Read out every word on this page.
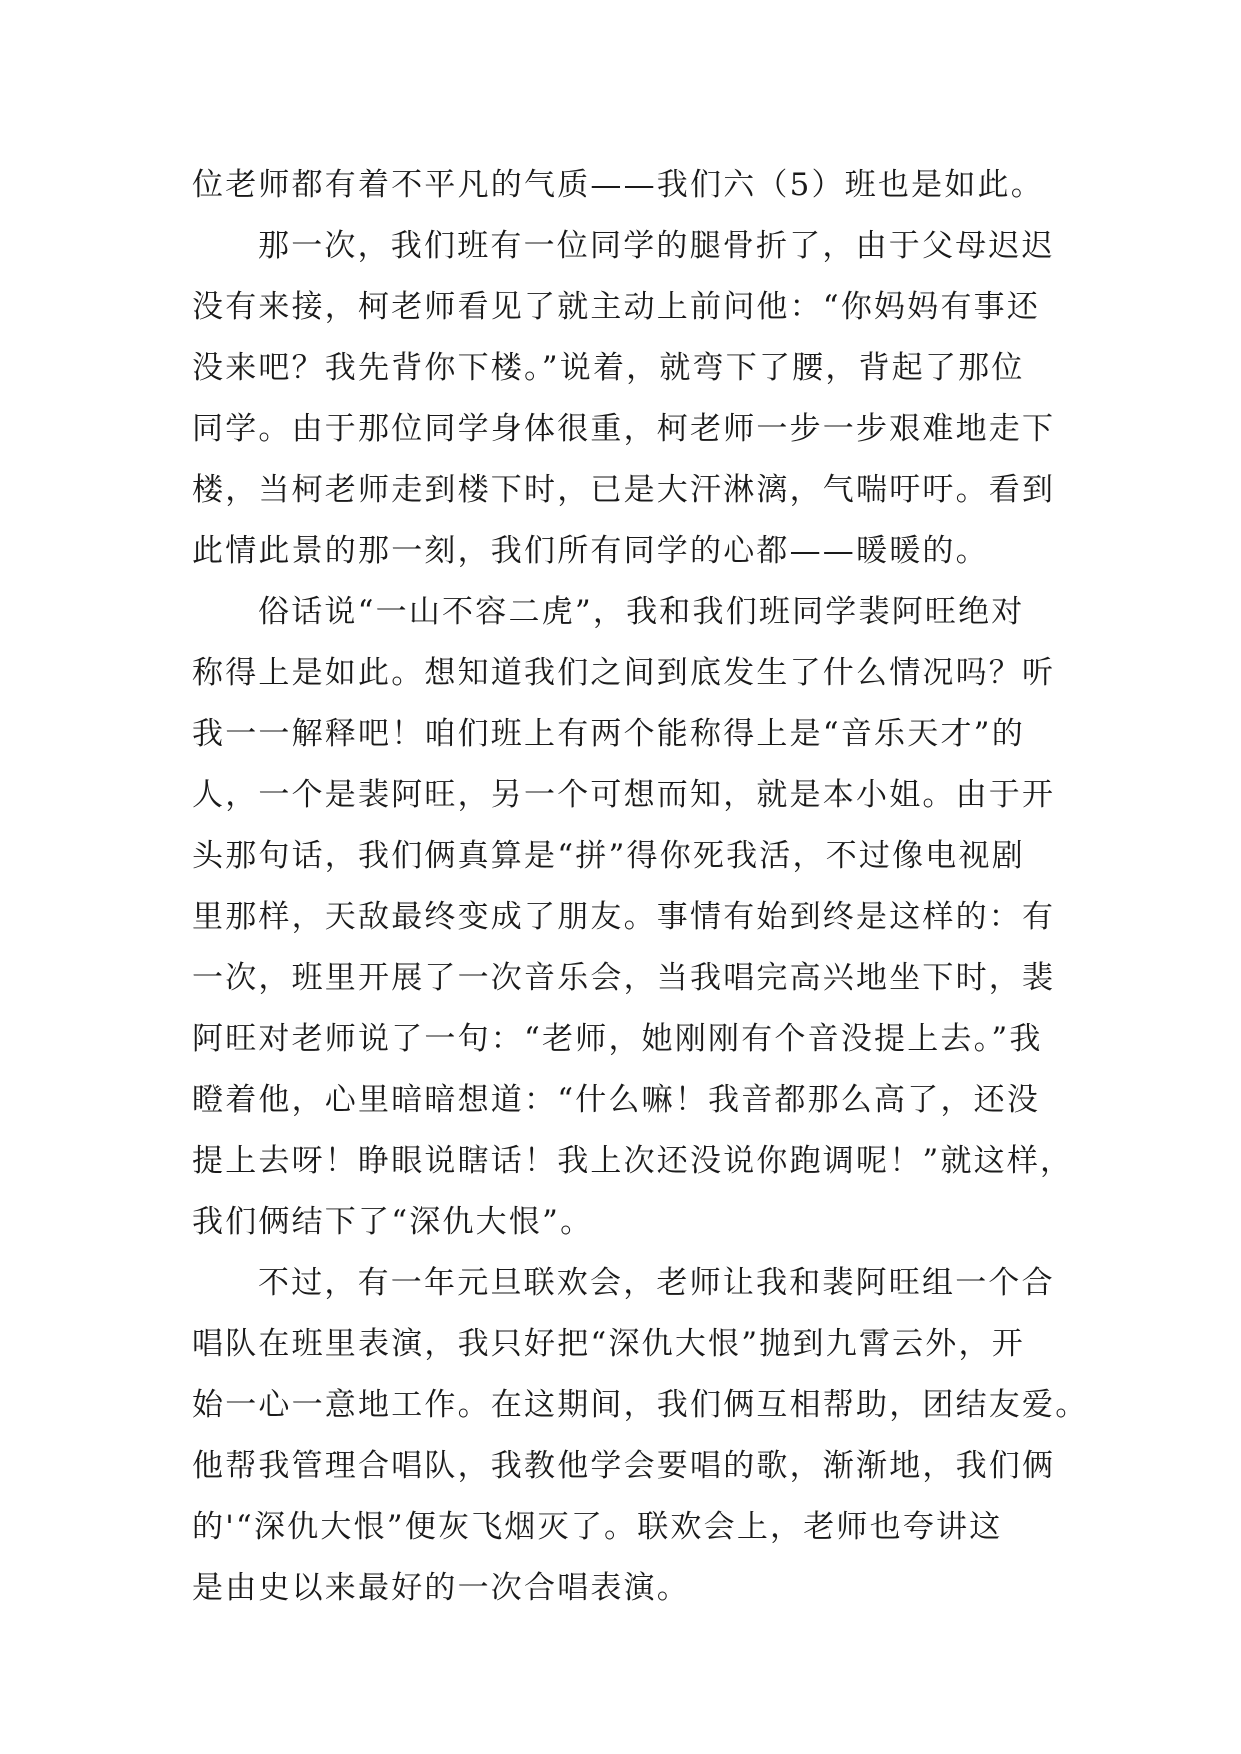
位老师都有着不平凡的气质——我们六（5）班也是如此。
那一次，我们班有一位同学的腿骨折了，由于父母迟迟
没有来接，柯老师看见了就主动上前问他：“你妈妈有事还
没来吧？我先背你下楼。”说着，就弯下了腰，背起了那位
同学。由于那位同学身体很重，柯老师一步一步艰难地走下
楼，当柯老师走到楼下时，已是大汗淋漓，气喘吁吁。看到
此情此景的那一刻，我们所有同学的心都——暖暖的。
俗话说“一山不容二虎”，我和我们班同学裴阿旺绝对
称得上是如此。想知道我们之间到底发生了什么情况吗？听
我一一解释吧！咱们班上有两个能称得上是“音乐天才”的
人，一个是裴阿旺，另一个可想而知，就是本小姐。由于开
头那句话，我们俩真算是“拼”得你死我活，不过像电视剧
里那样，天敌最终变成了朋友。事情有始到终是这样的：有
一次，班里开展了一次音乐会，当我唱完高兴地坐下时，裴
阿旺对老师说了一句：“老师，她刚刚有个音没提上去。”我
瞪着他，心里暗暗想道：“什么嘛！我音都那么高了，还没
提上去呀！睁眼说瞎话！我上次还没说你跑调呢！”就这样，
我们俩结下了“深仇大恨”。
不过，有一年元旦联欢会，老师让我和裴阿旺组一个合
唱队在班里表演，我只好把“深仇大恨”抛到九霄云外，开
始一心一意地工作。在这期间，我们俩互相帮助，团结友爱。
他帮我管理合唱队，我教他学会要唱的歌，渐渐地，我们俩
的'“深仇大恨”便灰飞烟灭了。联欢会上，老师也夸讲这
是由史以来最好的一次合唱表演。
